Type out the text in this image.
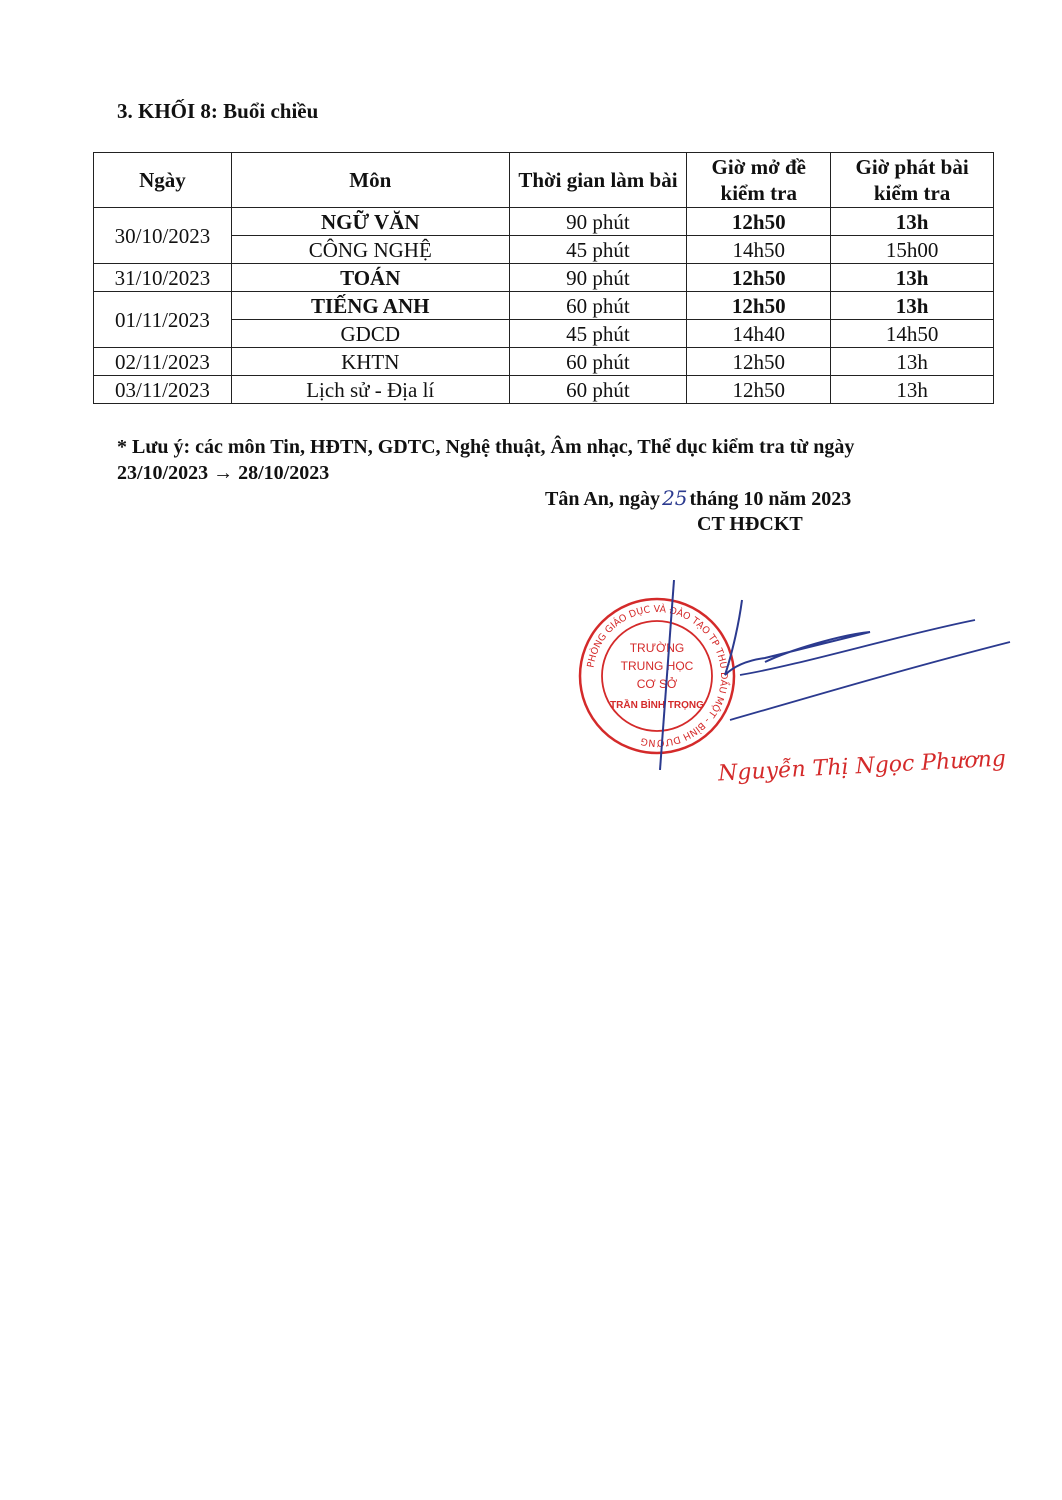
3. KHỐI 8: Buổi chiều
Ngày	Môn	Thời gian làm bài	Giờ mở đề kiểm tra	Giờ phát bài kiểm tra
30/10/2023	NGỮ VĂN	90 phút	12h50	13h
	CÔNG NGHỆ	45 phút	14h50	15h00
31/10/2023	TOÁN	90 phút	12h50	13h
01/11/2023	TIẾNG ANH	60 phút	12h50	13h
	GDCD	45 phút	14h40	14h50
02/11/2023	KHTN	60 phút	12h50	13h
03/11/2023	Lịch sử - Địa lí	60 phút	12h50	13h
* Lưu ý: các môn Tin, HĐTN, GDTC, Nghệ thuật, Âm nhạc, Thể dục kiểm tra từ ngày
23/10/2023 → 28/10/2023
Tân An, ngày 25 tháng 10 năm 2023
CT HĐCKT
PHÒNG GIÁO DỤC VÀ ĐÀO TẠO TP THỦ DẦU MỘT - BÌNH DƯƠNG
TRƯỜNG
TRUNG HỌC
CƠ SỞ
TRẦN BÌNH TRỌNG
Nguyễn Thị Ngọc Phương
